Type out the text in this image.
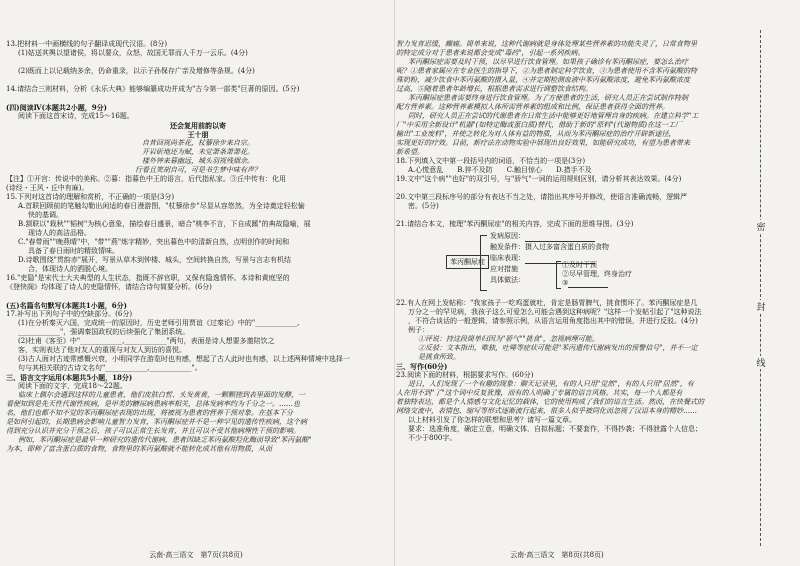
13.把材料一中画横线的句子翻译成现代汉语。(8分)
(1)姑送其舆以望诸侯，将以要众，众怒，故国无罪而人千万一云乐。(4分)
(2)既而上以记载纳多余，仍命重录，以示子孙保存广亲及增修等条规。(4分)
14.请结合三则材料，分析《永乐大典》能够编纂成功并成为"古今第一部类"巨著的原因。(5分)
(四)阅读Ⅳ(本题共2小题，9分)
阅读下面这首宋诗，完成15～16题。
还会复用前韵以寄
王十朋
自昔回视尚茶花，杖藜徐步来自宗。
开岩斫地还为赋，未觉萧条萧萧花。
楼外钟来暮幽远，城头羽视残烟余。
行看且笑胡自可，可是书生梦中味有声？
【注】①开宫：传说中的美称。②暮：指暮色中王的语言，后代指私家。③丘中传有：化用
(诗经・王风・丘中有麻)。
15.下列对这首诗的理解和赏析，不正确的一项是(3分)
A.首联回顾前的笔触勾勒出闲适的春日漫游图，"杖藜徐步"尽显从容悠然，为全诗奠定轻松愉
快的基调。
B.颔联以"栽秋""韬树"为核心意象，描绘春日盛景，暗合"桃李不言，下自成蹊"的典故隐喻，展
现诗人的高洁品格。
C."春带雨""晚燕晴"中，"带""燕"炼字精妙，突出暮色中的清新自然，点明创作的时间和
具备了春日雨时的精致情味。
D.诗歌围绕"贯韵赤"展开，写景从草木到钟楼、城头，空间转换自然，写景与言志有机结
合，体现诗人的洒脱心境。
16."吏隐"是宋代士大夫典型的人生状态，指既不辞官职，又保有隐逸情怀。本诗和黄庭坚的
《登快阁》均体现了诗人的吏隐情怀，请结合诗句简要分析。(6分)
(五)名篇名句默写(本题共1小题，6分)
17.补写出下列句子中的空缺部分。(6分)
(1)在分析秦灭六国，完成统一的原因时，历史老师引用贾谊《过秦论》中的"____________,
____________"，强调秦国政权的后续强化了集团系统。
(2)杜甫《客至》中"____________,____________"两句，表面是诗人想要多邀陪饮之
客，实则表达了他对友人的重视与对友人到访的喜悦。
(3)古人面对古迹常感慨兴衰，小明同学在游览时也有感，想起了古人此时也有感，以上述两种情境中选择一
句与其相关联的古诗文名句"____________,____________"。
三、语言文字运用(本题共5小题，18分)
阅读下面的文字，完成18～22题。
临床上偶尔会遇到这样的儿童患者，他们皮肤白皙、头发黄黄，一颗颗搓到表里面的发酵，一
看便知到是先天性代谢性疾病，是甲类的糖尿病患病率相关，总体发病率约为千分之一。……也
名，他们也都不知不觉的苯丙酮尿症表现的出现，将被视为患者的营养干预对象。在基本下分
是如何引起的，长期患病会影响儿童智力发育，苯丙酮尿症并不是一种罕见的遗传性疾病，这个病
得到充分认识并充分干预之后，孩子可以正常生长发育，并且可以不受其他病理性干预的影响。
例如，苯丙酮尿症是最早一种研究的遗传代谢病，患者因缺乏苯丙氨酸羟化酶而导致"苯丙氨酸"
为本，即种了富含蛋白质的食物，食物里的苯丙氨酸就不能转化成其他有用物质，从而
云南·高三语文　第7页(共8页)
智力发育迟缓，癫痫。简单来说，这种代谢病就是身体处理某些营养素的功能失灵了，日常食物里
的特定成分对于患者来说都会变成"毒药"，引起一系列疾病。
苯丙酮尿症需要及时干预，以尽早进行饮食管理。如果孩子确诊有苯丙酮尿症，要怎么治疗
呢？①患者家属应在专业医生的指导下，②为患者制定科学饮食，③为患者使用不含苯丙氨酸的特
殊奶粉，减少饮食中苯丙氨酸的摄入量，④并定期检测血液中苯丙氨酸浓度，避免苯丙氨酸浓度
过高，⑤随着患者年龄增长，根据患者需求进行调整饮食结构。
苯丙酮尿症患者需要终身进行饮食管理。为了方便患者的生活，研究人员正在尝试制作特制
配方营养素。这种营养素模拟人体所需营养素的组成和比例，保证患者获得全面的营养。
同时，研究人员正在尝试的代谢患者在日常生活中能够更好地管理自身的疾病。在建立科学"工
厂"中采用全新设计"机器"(如特定酶或蛋白质)替代，借助于新的"原料"(代谢物质)在这一工厂
输出"工业废料"，并使之转化为对人体有益的物质，从而为苯丙酮尿症的治疗开辟新途径，
实现更好的疗效。目前，新疗法在动物实验中展现出良好效果，如能研究成功，有望为患者带来
新希望。
18.下列填入文中第一段括号内的词语，不恰当的一项是(3分)
A.心慌意乱　　B.猝不及防　　C.触目惊心　　D.措手不及
19.文中"这个病""也好"的双引号，与"骄气"一词的运用规则区别，请分析其表达效果。(4分)
20.文中第三段标序号的部分有表达不当之处，请指出其序号并修改，使语言准确流畅，逻辑严
密。(5分)
21.请结合本文，梳理"苯丙酮尿症"的相关内容，完成下面的思维导图。(3分)
苯丙酮尿症
发病原因：
触发条件：摄入过多富含蛋白质的食物
临床表现：
应对措施
具体做法：
①及时干预
②尽早管理，终身治疗
③
22.有人在网上发帖称："我家孩子一吃鸡蛋就吐，肯定是肠胃脾气，挑食惯坏了。苯丙酮尿症是几
万分之一的罕见病，我孩子这么可爱怎么可能会遇到这种病呢？"这样一个发帖引起了"这种说法
，不符合谈话的一般逻辑，请参照示例，从语言运用角度指出其中的错误，并进行反驳。(4分)
例子：
①评说：持这段简单归因为"骄气""挑食"，忽视病理可能。
②反驳：文本指出，唯独，吐唾等症状可能是"苯丙遗传代谢病发出的预警信号"，并不一定
是挑食所致。
三、写作(60分)
23.阅读下面的材料，根据要求写作。(60分)
进日，人们发现了一个有趣的现象：聊天记录里，有的人只用"觉然"，有的人只用"居然"，有
人在用不到"了"这个词中反复犹豫，而有的人明确了专属的语言风格。其实，每一个人都是有
着独特表达，都是个人情感与文化记忆的载体，它的使用构成了我们的语言生活。然而，在快餐式的
网络交流中，表情包、缩写等形式逐渐流行起来，很多人似乎被同化而忽视了汉语本身的精妙……
以上材料引发了你怎样的联想和思考？请写一篇文章。
要求：选准角度，确定立意，明确文体，自拟标题；不要套作，不得抄袭；不得泄露个人信息；
不少于800字。
云南·高三语文　第8页(共8页)
密
封
线
